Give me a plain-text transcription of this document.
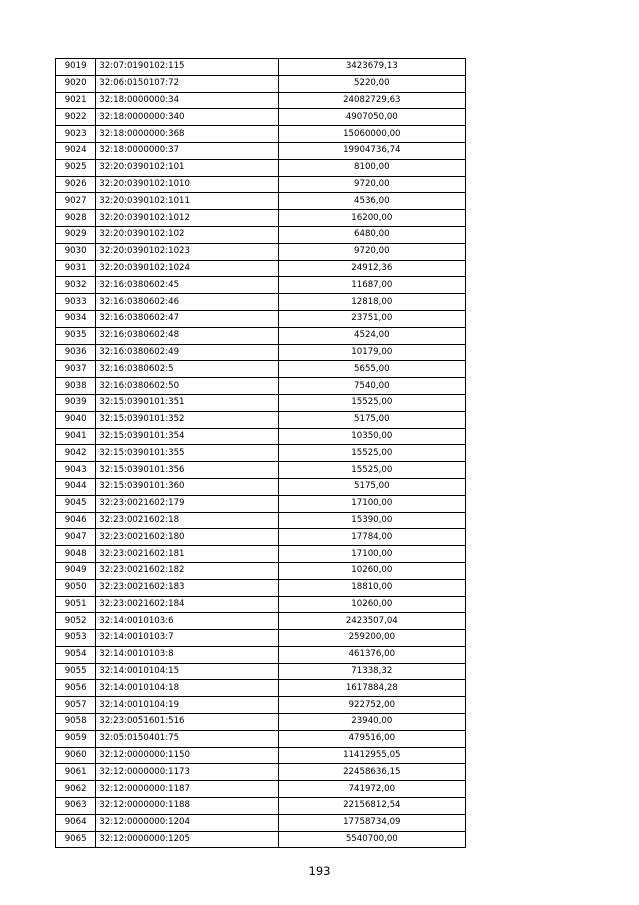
9019	32:07:0190102:115	3423679,13
9020	32:06:0150107:72	5220,00
9021	32:18:0000000:34	24082729,63
9022	32:18:0000000:340	4907050,00
9023	32:18:0000000:368	15060000,00
9024	32:18:0000000:37	19904736,74
9025	32:20:0390102:101	8100,00
9026	32:20:0390102:1010	9720,00
9027	32:20:0390102:1011	4536,00
9028	32:20:0390102:1012	16200,00
9029	32:20:0390102:102	6480,00
9030	32:20:0390102:1023	9720,00
9031	32:20:0390102:1024	24912,36
9032	32:16:0380602:45	11687,00
9033	32:16:0380602:46	12818,00
9034	32:16:0380602:47	23751,00
9035	32:16:0380602:48	4524,00
9036	32:16:0380602:49	10179,00
9037	32:16:0380602:5	5655,00
9038	32:16:0380602:50	7540,00
9039	32:15:0390101:351	15525,00
9040	32:15:0390101:352	5175,00
9041	32:15:0390101:354	10350,00
9042	32:15:0390101:355	15525,00
9043	32:15:0390101:356	15525,00
9044	32:15:0390101:360	5175,00
9045	32:23:0021602:179	17100,00
9046	32:23:0021602:18	15390,00
9047	32:23:0021602:180	17784,00
9048	32:23:0021602:181	17100,00
9049	32:23:0021602:182	10260,00
9050	32:23:0021602:183	18810,00
9051	32:23:0021602:184	10260,00
9052	32:14:0010103:6	2423507,04
9053	32:14:0010103:7	259200,00
9054	32:14:0010103:8	461376,00
9055	32:14:0010104:15	71338,32
9056	32:14:0010104:18	1617884,28
9057	32:14:0010104:19	922752,00
9058	32:23:0051601:516	23940,00
9059	32:05:0150401:75	479516,00
9060	32:12:0000000:1150	11412955,05
9061	32:12:0000000:1173	22458636,15
9062	32:12:0000000:1187	741972,00
9063	32:12:0000000:1188	22156812,54
9064	32:12:0000000:1204	17758734,09
9065	32:12:0000000:1205	5540700,00
193
